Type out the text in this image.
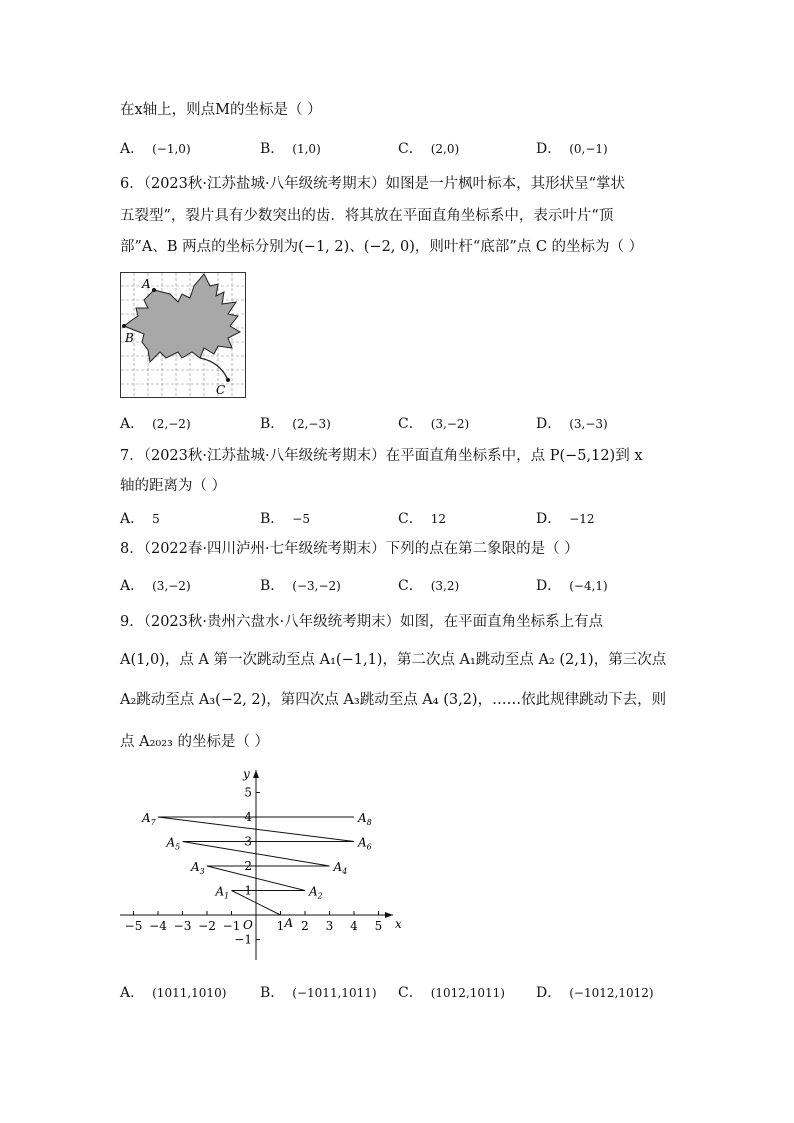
在x轴上，则点M的坐标是（ ）
A． (−1,0)	B． (1,0)	C． (2,0)	D． (0,−1)
6．（2023秋·江苏盐城·八年级统考期末）如图是一片枫叶标本，其形状呈“掌状
五裂型”，裂片具有少数突出的齿．将其放在平面直角坐标系中，表示叶片“顶
部”A、B 两点的坐标分别为(−1, 2)、(−2, 0)，则叶杆“底部”点 C 的坐标为（ ）
A
B
C
A． (2,−2)	B． (2,−3)	C． (3,−2)	D． (3,−3)
7．（2023秋·江苏盐城·八年级统考期末）在平面直角坐标系中，点 P(−5,12)到 x
轴的距离为（ ）
A． 5	B． −5	C． 12	D． −12
8．（2022春·四川泸州·七年级统考期末）下列的点在第二象限的是（ ）
A． (3,−2)	B． (−3,−2)	C． (3,2)	D． (−4,1)
9．（2023秋·贵州六盘水·八年级统考期末）如图，在平面直角坐标系上有点
A(1,0)，点 A 第一次跳动至点 A₁(−1,1)，第二次点 A₁跳动至点 A₂ (2,1)，第三次点
A₂跳动至点 A₃(−2, 2)，第四次点 A₃跳动至点 A₄ (3,2)，……依此规律跳动下去，则
点 A₂₀₂₃ 的坐标是（ ）
x
y
O
−5 −4 −3 −2 −1	1 2 3 4 5
5
4
3
2
1
−1
A
$A_1$	$A_2$
$A_3$	$A_4$
$A_5$	$A_6$
$A_7$	$A_8$
A． (1011,1010) B． (−1011,1011) C． (1012,1011) D． (−1012,1012)
